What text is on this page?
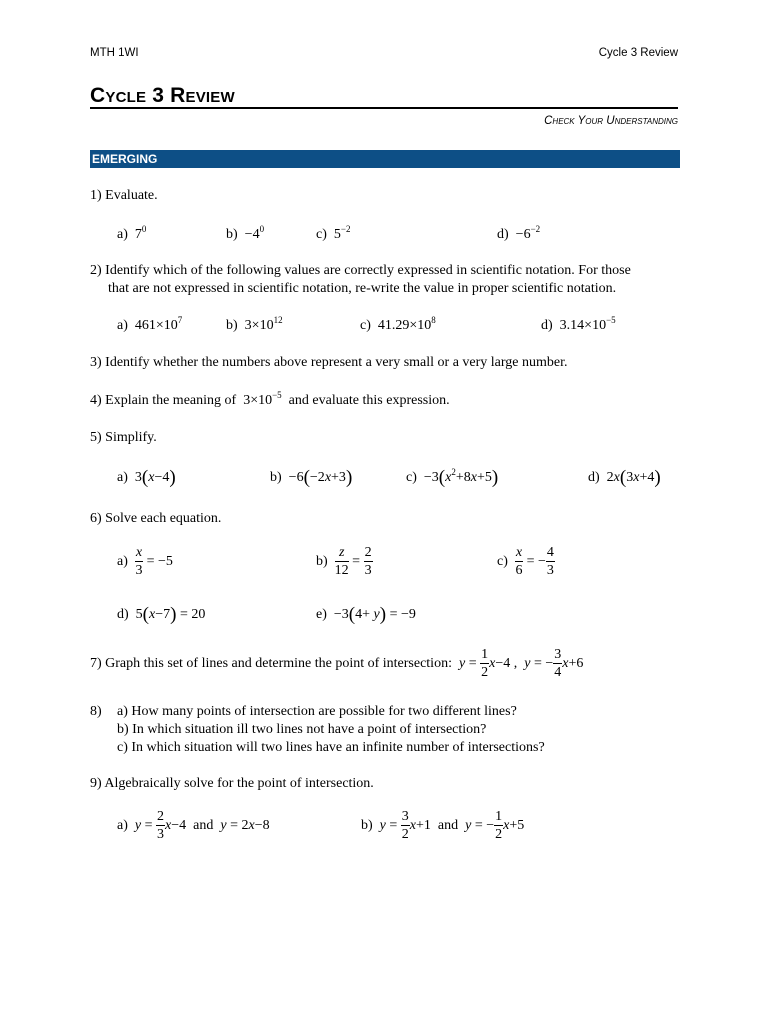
MTH 1WI	Cycle 3 Review
Cycle 3 Review
Check Your Understanding
EMERGING
1) Evaluate.
a) $7^0$	$b) -4^0$	c) $5^{-2}$	$d) -6^{-2}$
2) Identify which of the following values are correctly expressed in scientific notation. For those
that are not expressed in scientific notation, re-write the value in proper scientific notation.
a) $461\times 10^7$	b) $3\times 10^{12}$	c) $41.29\times 10^8$	d) $3.14\times 10^{-5}$
3) Identify whether the numbers above represent a very small or a very large number.
4) Explain the meaning of $3\times 10^{-5}$ and evaluate this expression.
5) Simplify.
a)  3(x−4)	b)  −6(−2x+3)	$c) -3(x^2+8x+5)$	d)  2x(3x+4)
6) Solve each equation.
$a) \frac{x}{3} = -5$	$b) \frac{z}{12} = \frac{2}{3}$	$c) \frac{x}{6}$ = − $\frac{4}{3}$
d)  5(x−7) = 20	e)  −3(4+ y) = −9
7) Graph this set of lines and determine the point of intersection: $y = \frac{1}{2} x-4$ ,  y = − $\frac{3}{4} x+6$
8) a) How many points of intersection are possible for two different lines?
b) In which situation ill two lines not have a point of intersection?
c) In which situation will two lines have an infinite number of intersections?
9) Algebraically solve for the point of intersection.
a) $y = \frac{2}{3} x-4$  and y = 2x−8	b) $y = \frac{3}{2} x+1$  and y = − $\frac{1}{2} x+5$
